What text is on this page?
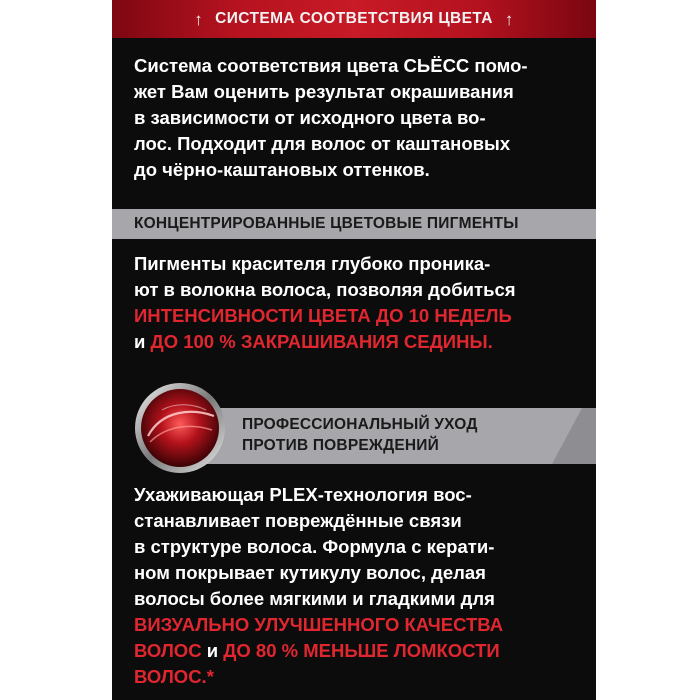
↑ СИСТЕМА СООТВЕТСТВИЯ ЦВЕТА ↑
Система соответствия цвета СЬЁСС помо-
жет Вам оценить результат окрашивания
в зависимости от исходного цвета во-
лос. Подходит для волос от каштановых
до чёрно-каштановых оттенков.
КОНЦЕНТРИРОВАННЫЕ ЦВЕТОВЫЕ ПИГМЕНТЫ
Пигменты красителя глубоко проника-
ют в волокна волоса, позволяя добиться
ИНТЕНСИВНОСТИ ЦВЕТА ДО 10 НЕДЕЛЬ
и ДО 100 % ЗАКРАШИВАНИЯ СЕДИНЫ.
ПРОФЕССИОНАЛЬНЫЙ УХОД
ПРОТИВ ПОВРЕЖДЕНИЙ
Ухаживающая PLEX-технология вос-
станавливает повреждённые связи
в структуре волоса. Формула с керати-
ном покрывает кутикулу волос, делая
волосы более мягкими и гладкими для
ВИЗУАЛЬНО УЛУЧШЕННОГО КАЧЕСТВА
ВОЛОС и ДО 80 % МЕНЬШЕ ЛОМКОСТИ
ВОЛОС.*
